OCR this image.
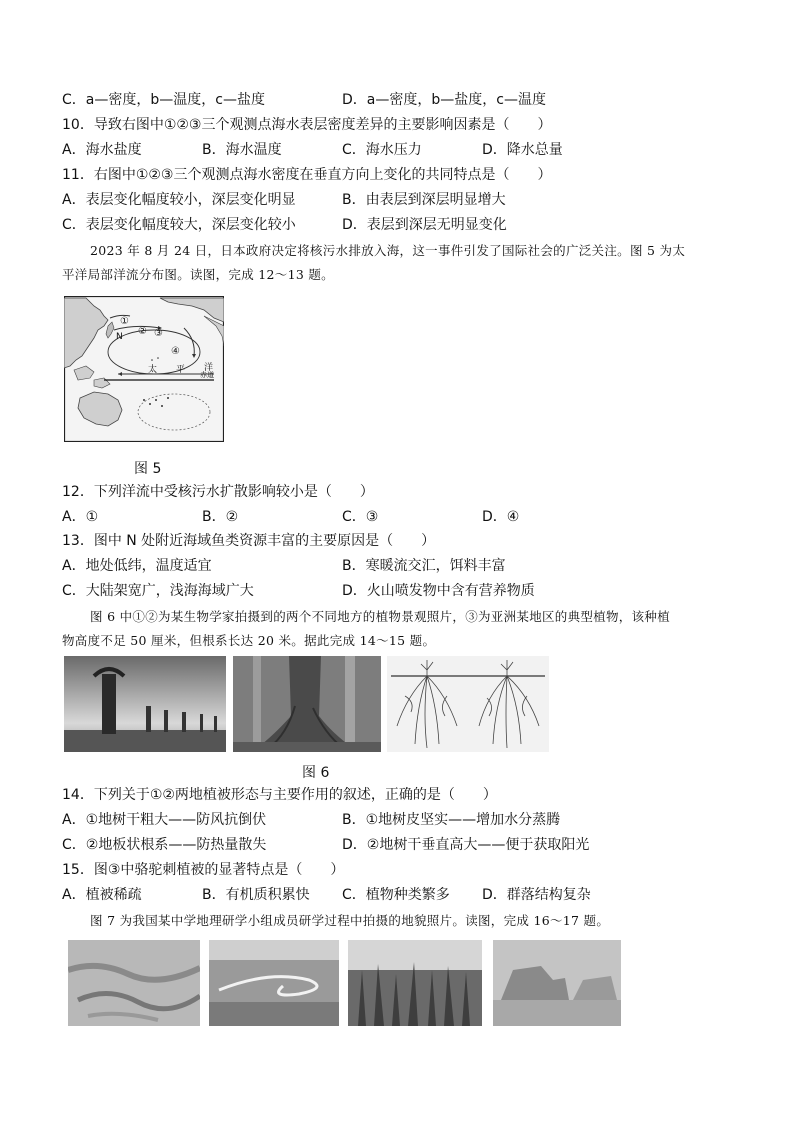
C．a—密度，b—温度，c—盐度	D．a—密度，b—盐度，c—温度
10．导致右图中①②③三个观测点海水表层密度差异的主要影响因素是（　　）
A．海水盐度	B．海水温度	C．海水压力	D．降水总量
11．右图中①②③三个观测点海水密度在垂直方向上变化的共同特点是（　　）
A．表层变化幅度较小，深层变化明显	B．由表层到深层明显增大
C．表层变化幅度较大，深层变化较小	D．表层到深层无明显变化
2023 年 8 月 24 日，日本政府决定将核污水排放入海，这一事件引发了国际社会的广泛关注。图 5 为太
平洋局部洋流分布图。读图，完成 12～13 题。
①
② ③
④
N
太 平 洋
赤道
图 5
12．下列洋流中受核污水扩散影响较小是（　　）
A．①	B．②	C．③	D．④
13．图中 N 处附近海域鱼类资源丰富的主要原因是（　　）
A．地处低纬，温度适宜	B．寒暖流交汇，饵料丰富
C．大陆架宽广，浅海海域广大	D．火山喷发物中含有营养物质
图 6 中①②为某生物学家拍摄到的两个不同地方的植物景观照片，③为亚洲某地区的典型植物，该种植
物高度不足 50 厘米，但根系长达 20 米。据此完成 14～15 题。
图 6
14．下列关于①②两地植被形态与主要作用的叙述，正确的是（　　）
A．①地树干粗大——防风抗倒伏	B．①地树皮坚实——增加水分蒸腾
C．②地板状根系——防热量散失	D．②地树干垂直高大——便于获取阳光
15．图③中骆驼刺植被的显著特点是（　　）
A．植被稀疏	B．有机质积累快 C．植物种类繁多 D．群落结构复杂
图 7 为我国某中学地理研学小组成员研学过程中拍摄的地貌照片。读图，完成 16～17 题。
